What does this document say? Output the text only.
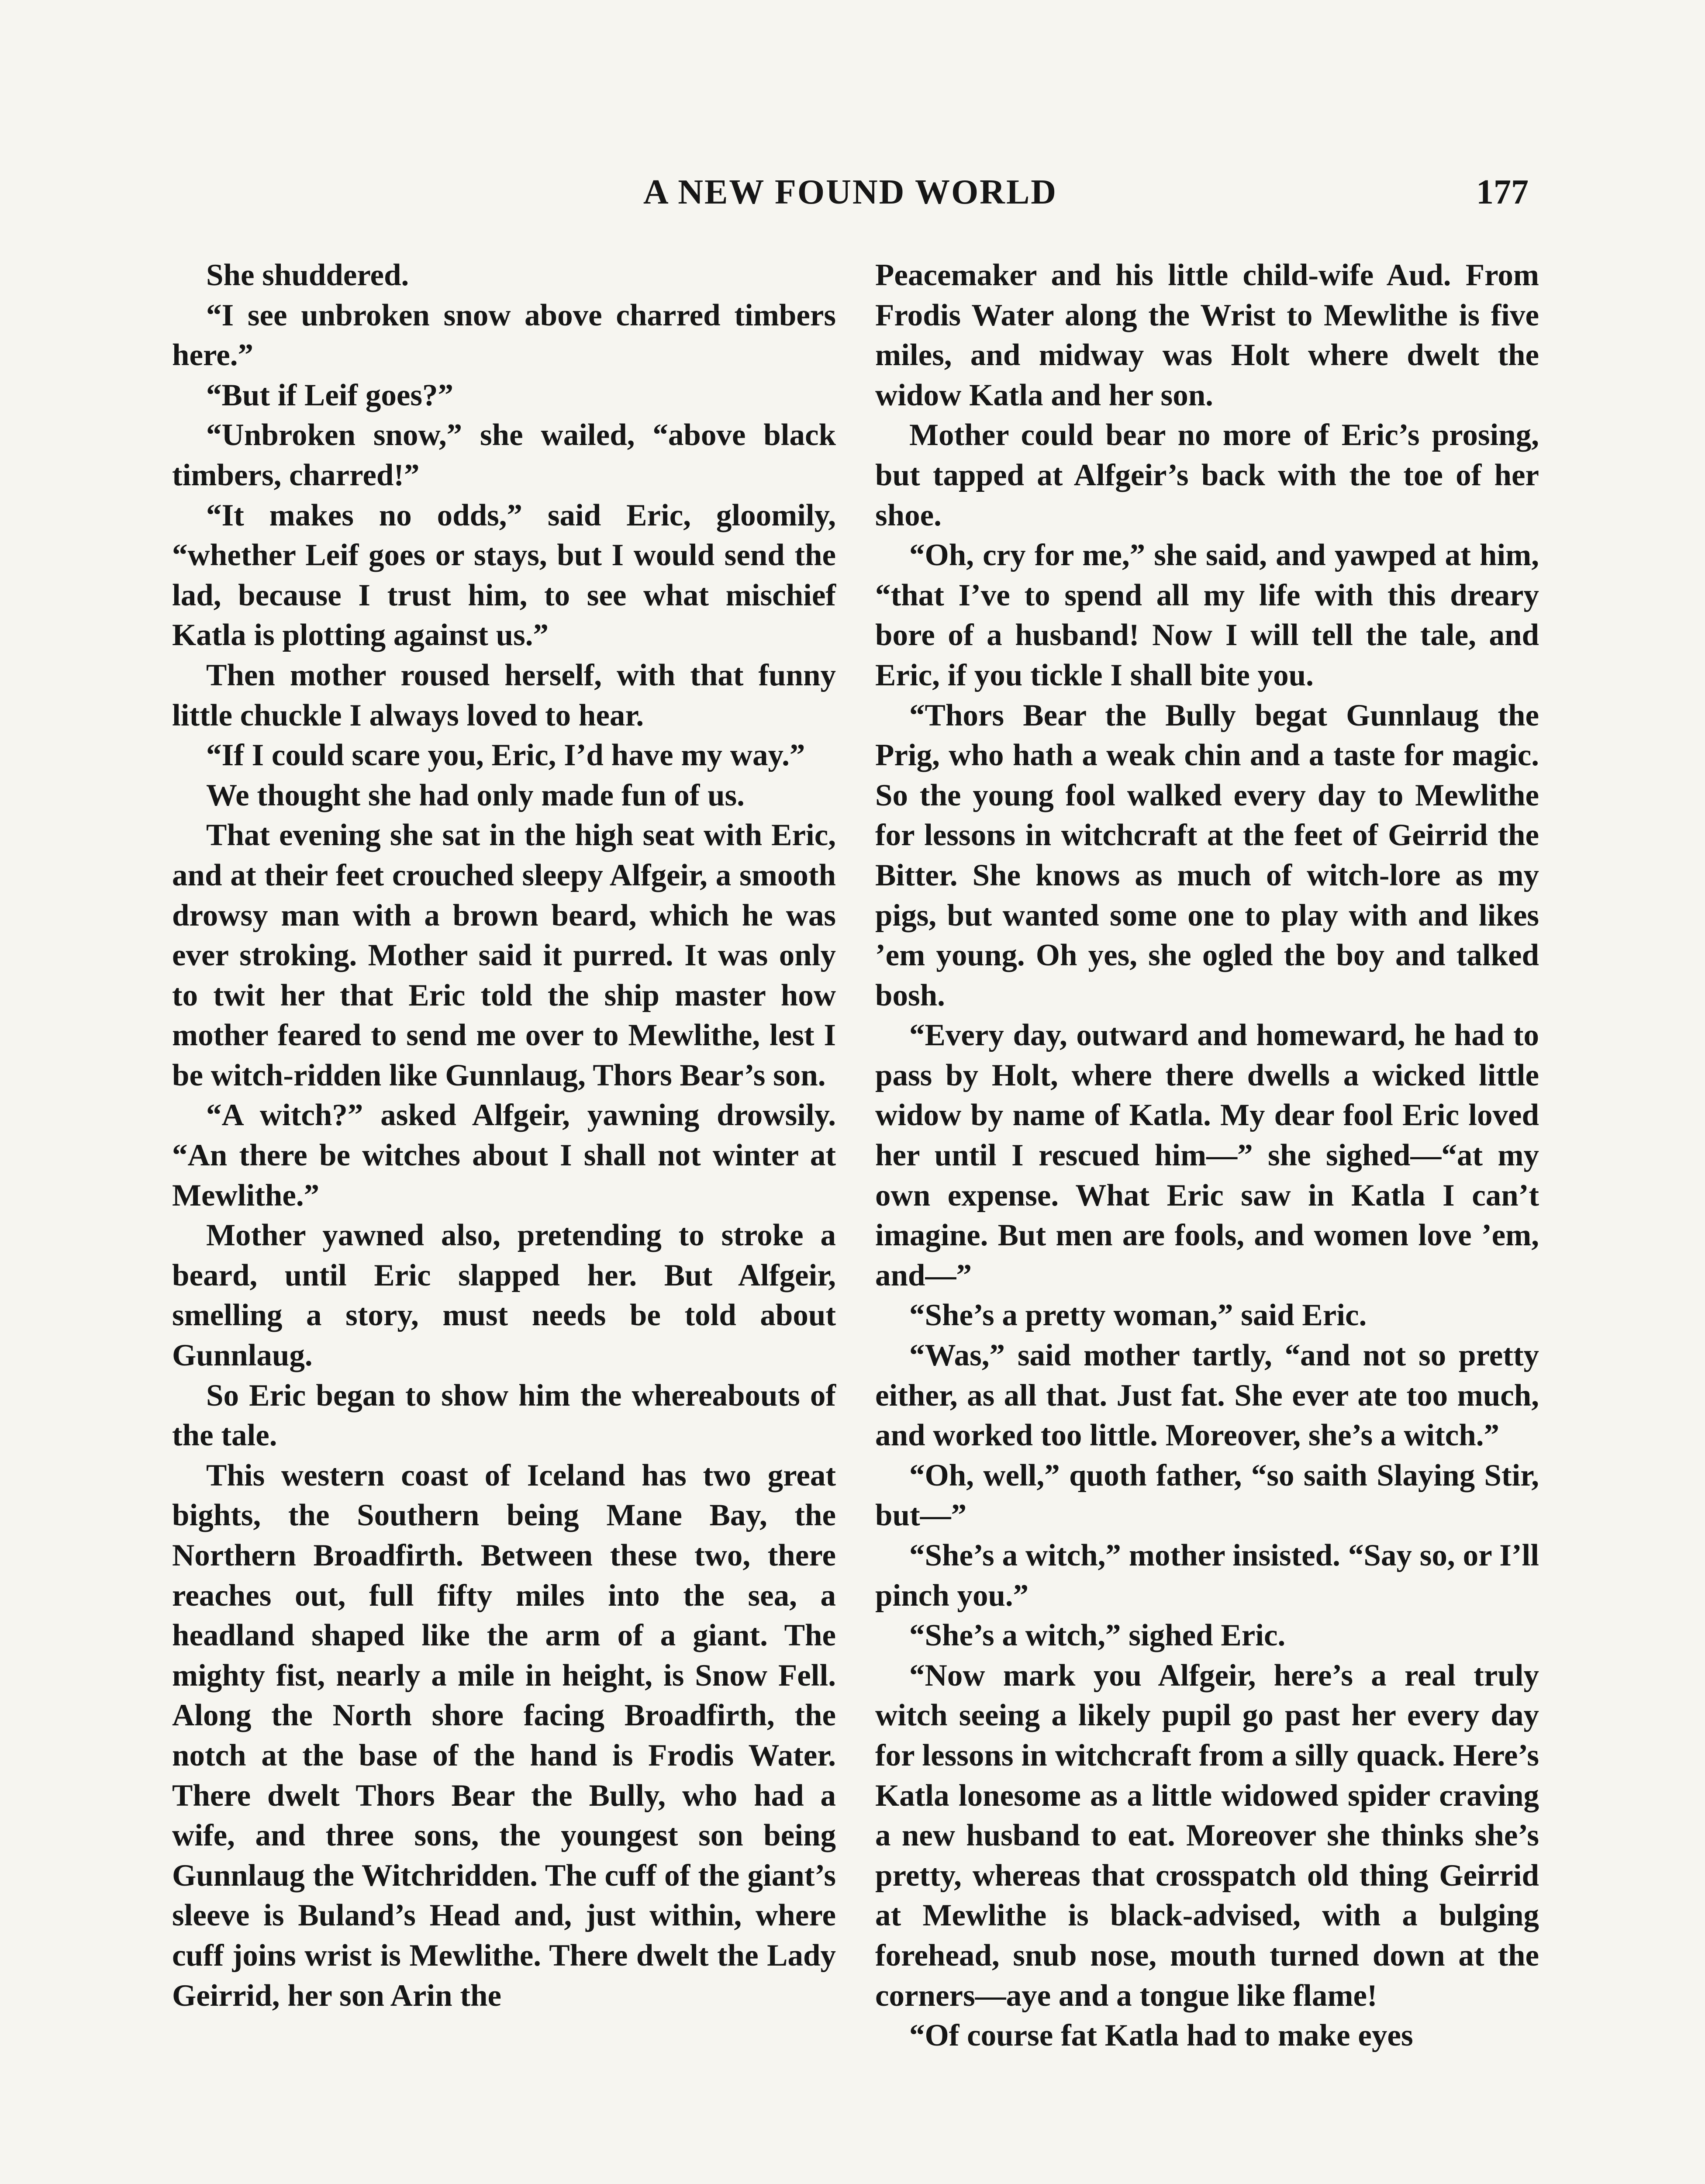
A NEW FOUND WORLD	177

She shuddered.

“I see unbroken snow above charred timbers here.”

“But if Leif goes?”

“Unbroken snow,” she wailed, “above black timbers, charred!”

“It makes no odds,” said Eric, gloomily, “whether Leif goes or stays, but I would send the lad, because I trust him, to see what mischief Katla is plotting against us.”

Then mother roused herself, with that funny little chuckle I always loved to hear.

“If I could scare you, Eric, I’d have my way.”

We thought she had only made fun of us.

That evening she sat in the high seat with Eric, and at their feet crouched sleepy Alfgeir, a smooth drowsy man with a brown beard, which he was ever stroking. Mother said it purred. It was only to twit her that Eric told the ship master how mother feared to send me over to Mewlithe, lest I be witch-ridden like Gunnlaug, Thors Bear’s son.

“A witch?” asked Alfgeir, yawning drowsily. “An there be witches about I shall not winter at Mewlithe.”

Mother yawned also, pretending to stroke a beard, until Eric slapped her. But Alfgeir, smelling a story, must needs be told about Gunnlaug.

So Eric began to show him the whereabouts of the tale.

This western coast of Iceland has two great bights, the Southern being Mane Bay, the Northern Broadfirth. Between these two, there reaches out, full fifty miles into the sea, a headland shaped like the arm of a giant. The mighty fist, nearly a mile in height, is Snow Fell. Along the North shore facing Broadfirth, the notch at the base of the hand is Frodis Water. There dwelt Thors Bear the Bully, who had a wife, and three sons, the youngest son being Gunnlaug the Witchridden. The cuff of the giant’s sleeve is Buland’s Head and, just within, where cuff joins wrist is Mewlithe. There dwelt the Lady Geirrid, her son Arin the

Peacemaker and his little child-wife Aud. From Frodis Water along the Wrist to Mewlithe is five miles, and midway was Holt where dwelt the widow Katla and her son.

Mother could bear no more of Eric’s prosing, but tapped at Alfgeir’s back with the toe of her shoe.

“Oh, cry for me,” she said, and yawped at him, “that I’ve to spend all my life with this dreary bore of a husband! Now I will tell the tale, and Eric, if you tickle I shall bite you.

“Thors Bear the Bully begat Gunnlaug the Prig, who hath a weak chin and a taste for magic. So the young fool walked every day to Mewlithe for lessons in witchcraft at the feet of Geirrid the Bitter. She knows as much of witch-lore as my pigs, but wanted some one to play with and likes ’em young. Oh yes, she ogled the boy and talked bosh.

“Every day, outward and homeward, he had to pass by Holt, where there dwells a wicked little widow by name of Katla. My dear fool Eric loved her until I rescued him—” she sighed—“at my own expense. What Eric saw in Katla I can’t imagine. But men are fools, and women love ’em, and—”

“She’s a pretty woman,” said Eric.

“Was,” said mother tartly, “and not so pretty either, as all that. Just fat. She ever ate too much, and worked too little. Moreover, she’s a witch.”

“Oh, well,” quoth father, “so saith Slaying Stir, but—”

“She’s a witch,” mother insisted. “Say so, or I’ll pinch you.”

“She’s a witch,” sighed Eric.

“Now mark you Alfgeir, here’s a real truly witch seeing a likely pupil go past her every day for lessons in witchcraft from a silly quack. Here’s Katla lonesome as a little widowed spider craving a new husband to eat. Moreover she thinks she’s pretty, whereas that crosspatch old thing Geirrid at Mewlithe is black-advised, with a bulging forehead, snub nose, mouth turned down at the corners—aye and a tongue like flame!

“Of course fat Katla had to make eyes
